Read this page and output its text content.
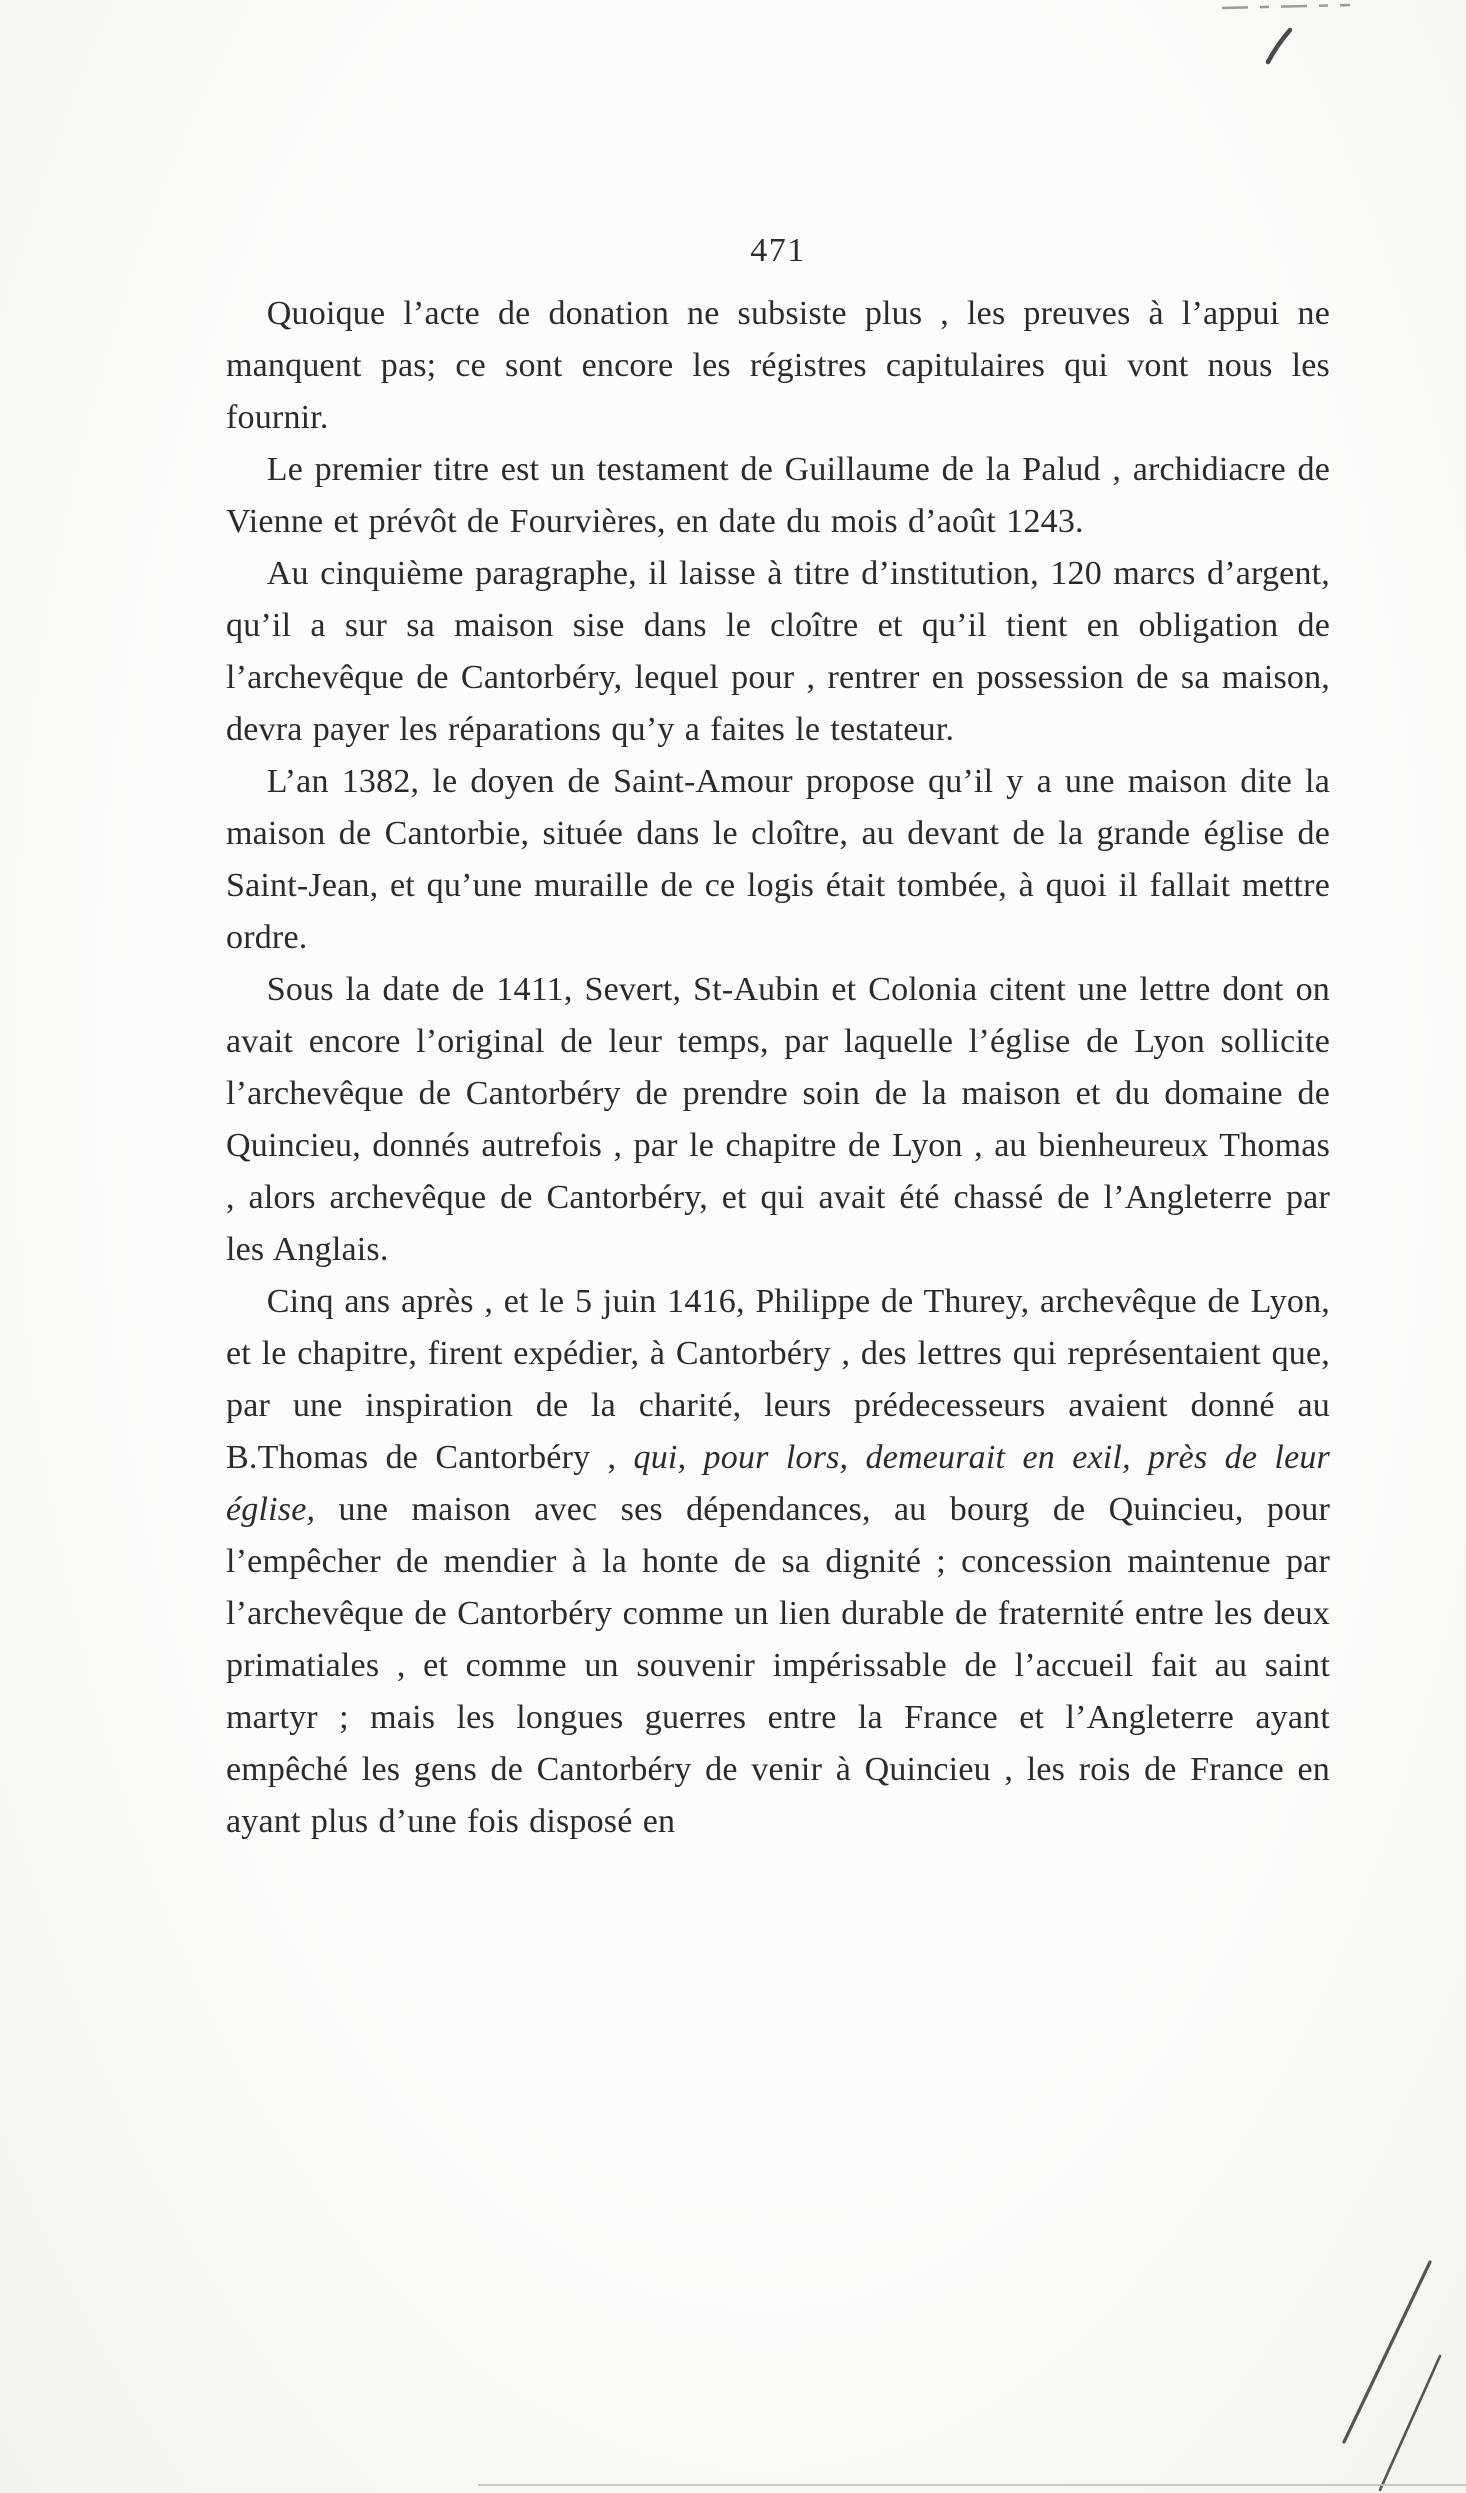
471

Quoique l’acte de donation ne subsiste plus , les preuves à l’appui ne manquent pas; ce sont encore les régistres capitulaires qui vont nous les fournir.

Le premier titre est un testament de Guillaume de la Palud , archidiacre de Vienne et prévôt de Fourvières, en date du mois d’août 1243.

Au cinquième paragraphe, il laisse à titre d’institution, 120 marcs d’argent, qu’il a sur sa maison sise dans le cloître et qu’il tient en obligation de l’archevêque de Cantorbéry, lequel pour , rentrer en possession de sa maison, devra payer les réparations qu’y a faites le testateur.

L’an 1382, le doyen de Saint-Amour propose qu’il y a une maison dite la maison de Cantorbie, située dans le cloître, au devant de la grande église de Saint-Jean, et qu’une muraille de ce logis était tombée, à quoi il fallait mettre ordre.

Sous la date de 1411, Severt, St-Aubin et Colonia citent une lettre dont on avait encore l’original de leur temps, par laquelle l’église de Lyon sollicite l’archevêque de Cantorbéry de prendre soin de la maison et du domaine de Quincieu, donnés autrefois , par le chapitre de Lyon , au bienheureux Thomas , alors archevêque de Cantorbéry, et qui avait été chassé de l’Angleterre par les Anglais.

Cinq ans après , et le 5 juin 1416, Philippe de Thurey, archevêque de Lyon, et le chapitre, firent expédier, à Cantorbéry , des lettres qui représentaient que, par une inspiration de la charité, leurs prédecesseurs avaient donné au B.Thomas de Cantorbéry , qui, pour lors, demeurait en exil, près de leur église, une maison avec ses dépendances, au bourg de Quincieu, pour l’empêcher de mendier à la honte de sa dignité ; concession maintenue par l’archevêque de Cantorbéry comme un lien durable de fraternité entre les deux primatiales , et comme un souvenir impérissable de l’accueil fait au saint martyr ; mais les longues guerres entre la France et l’Angleterre ayant empêché les gens de Cantorbéry de venir à Quincieu , les rois de France en ayant plus d’une fois disposé en
